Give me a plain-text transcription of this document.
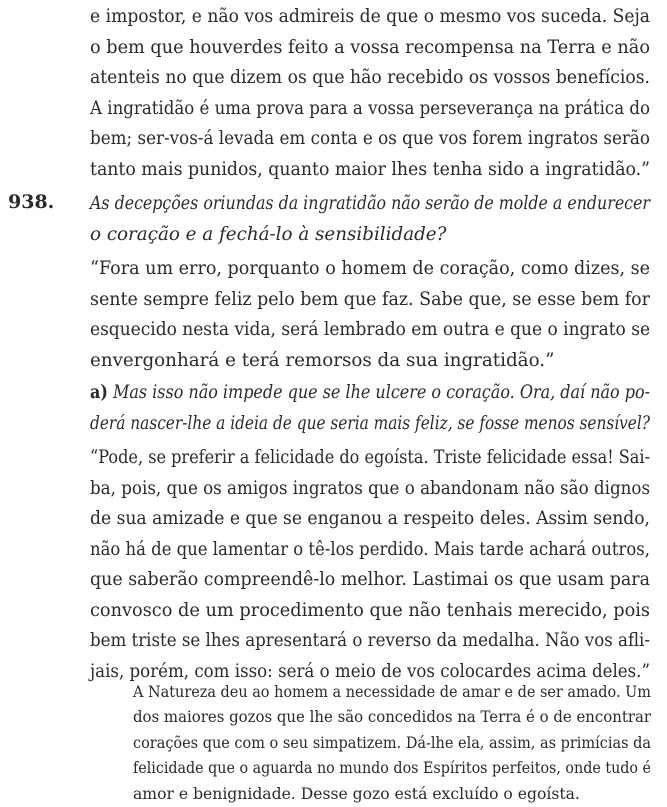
e impostor, e não vos admireis de que o mesmo vos suceda. Seja
o bem que houverdes feito a vossa recompensa na Terra e não
atenteis no que dizem os que hão recebido os vossos benefícios.
A ingratidão é uma prova para a vossa perseverança na prática do
bem; ser-vos-á levada em conta e os que vos forem ingratos serão
tanto mais punidos, quanto maior lhes tenha sido a ingratidão.”

938. As decepções oriundas da ingratidão não serão de molde a endurecer
o coração e a fechá-lo à sensibilidade?

“Fora um erro, porquanto o homem de coração, como dizes, se
sente sempre feliz pelo bem que faz. Sabe que, se esse bem for
esquecido nesta vida, será lembrado em outra e que o ingrato se
envergonhará e terá remorsos da sua ingratidão.”

a) Mas isso não impede que se lhe ulcere o coração. Ora, daí não po-
derá nascer-lhe a ideia de que seria mais feliz, se fosse menos sensível?

“Pode, se preferir a felicidade do egoísta. Triste felicidade essa! Sai-
ba, pois, que os amigos ingratos que o abandonam não são dignos
de sua amizade e que se enganou a respeito deles. Assim sendo,
não há de que lamentar o tê-los perdido. Mais tarde achará outros,
que saberão compreendê-lo melhor. Lastimai os que usam para
convosco de um procedimento que não tenhais merecido, pois
bem triste se lhes apresentará o reverso da medalha. Não vos afli-
jais, porém, com isso: será o meio de vos colocardes acima deles.”

A Natureza deu ao homem a necessidade de amar e de ser amado. Um
dos maiores gozos que lhe são concedidos na Terra é o de encontrar
corações que com o seu simpatizem. Dá-lhe ela, assim, as primícias da
felicidade que o aguarda no mundo dos Espíritos perfeitos, onde tudo é
amor e benignidade. Desse gozo está excluído o egoísta.
